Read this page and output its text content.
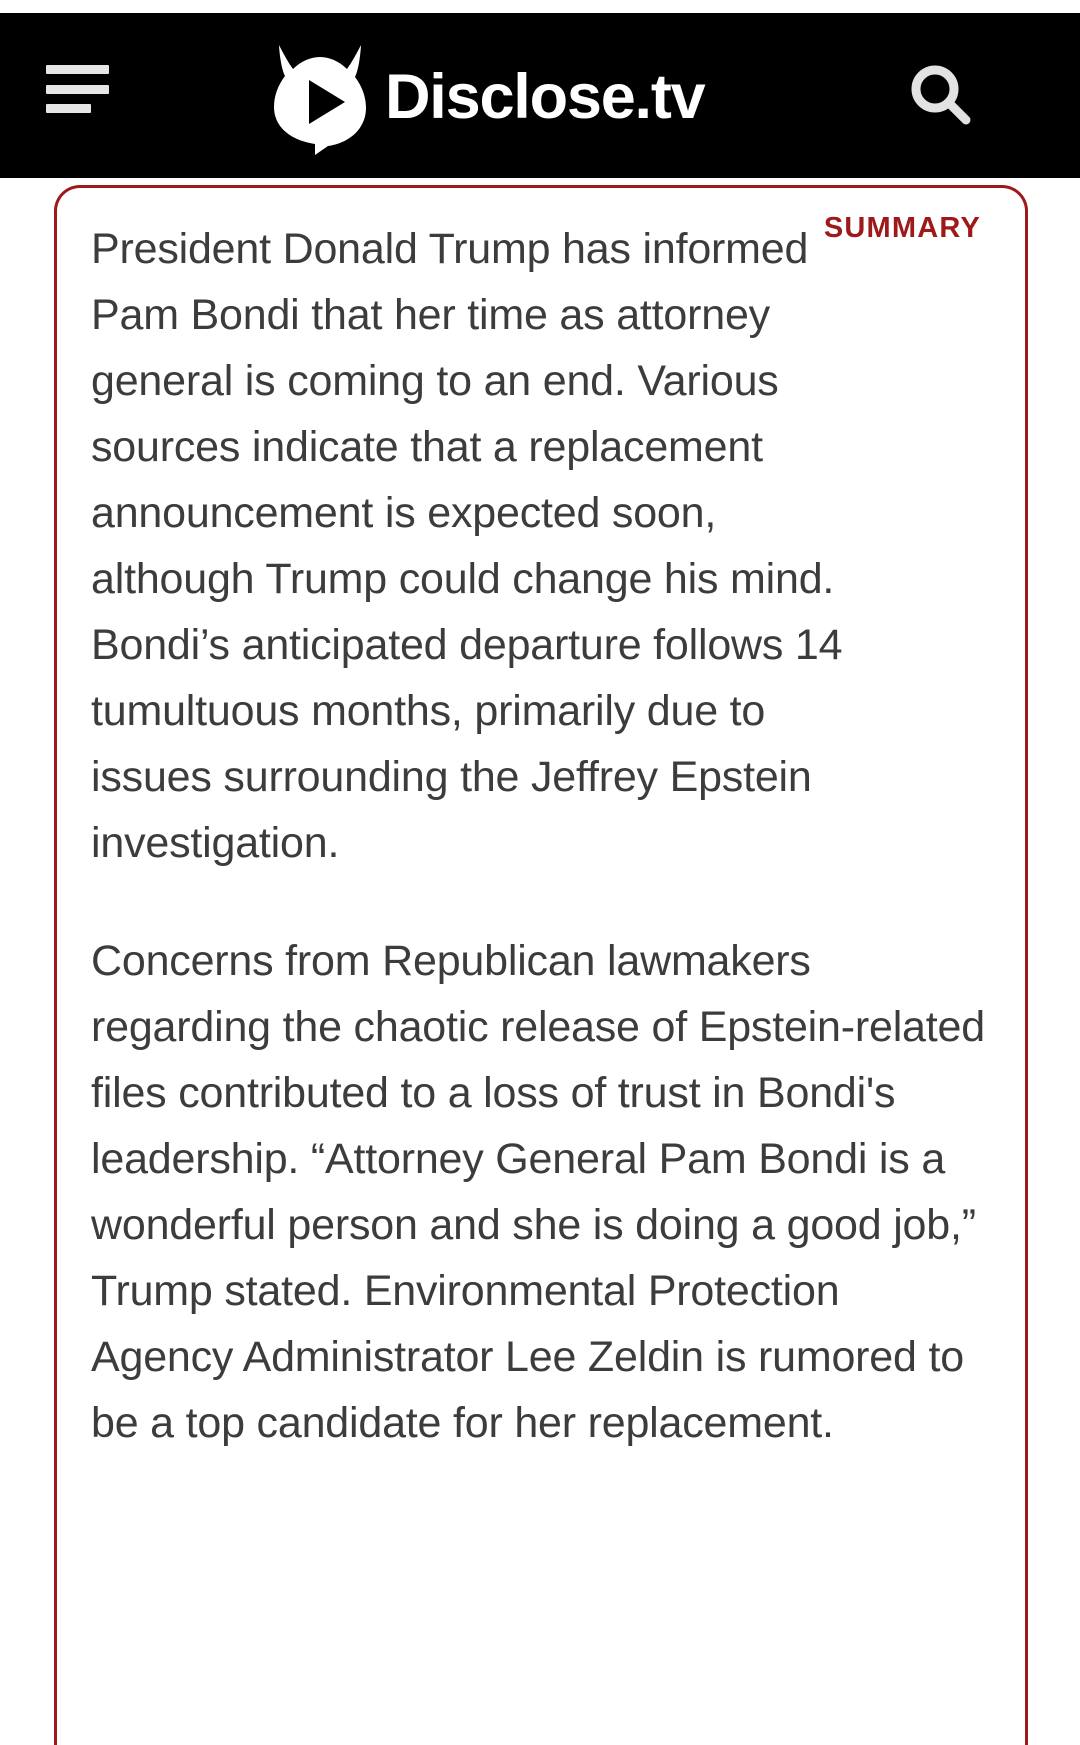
Disclose.tv
SUMMARY

President Donald Trump has informed Pam Bondi that her time as attorney general is coming to an end. Various sources indicate that a replacement announcement is expected soon, although Trump could change his mind. Bondi’s anticipated departure follows 14 tumultuous months, primarily due to issues surrounding the Jeffrey Epstein investigation.

Concerns from Republican lawmakers regarding the chaotic release of Epstein-related files contributed to a loss of trust in Bondi's leadership. “Attorney General Pam Bondi is a wonderful person and she is doing a good job,” Trump stated. Environmental Protection Agency Administrator Lee Zeldin is rumored to be a top candidate for her replacement.
